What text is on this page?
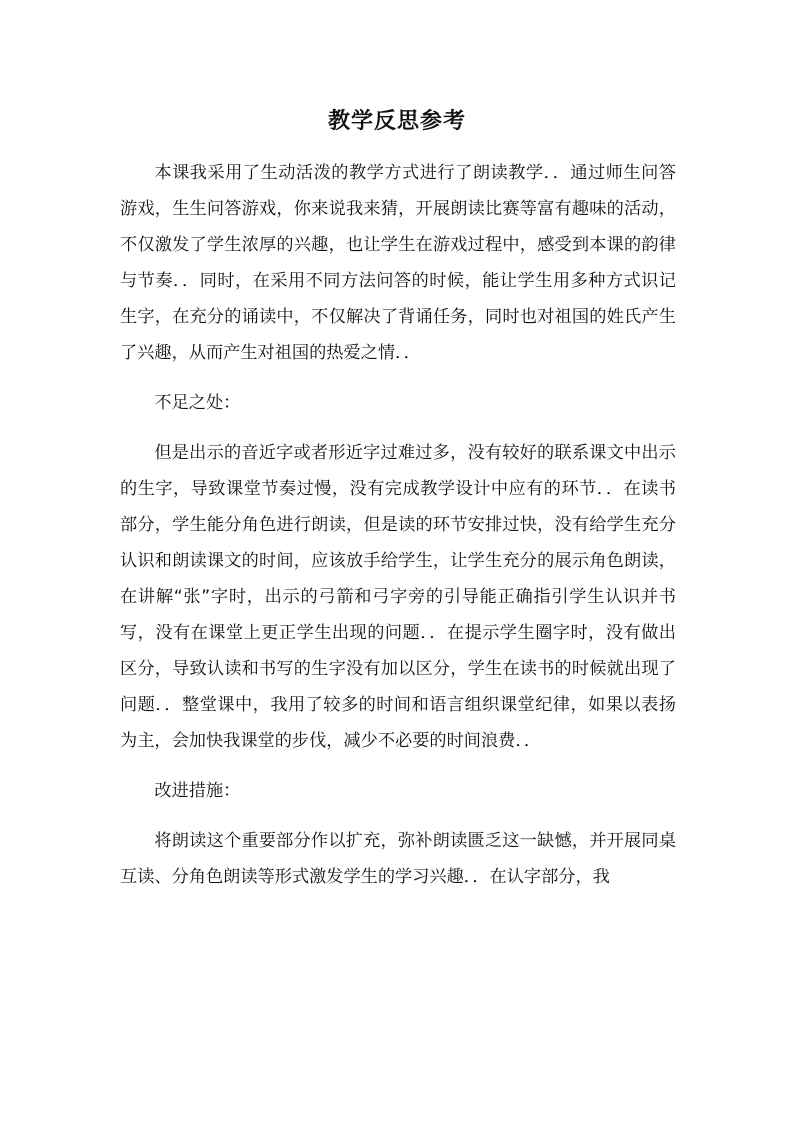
教学反思参考

本课我采用了生动活泼的教学方式进行了朗读教学．．通过师生问答游戏，生生问答游戏，你来说我来猜，开展朗读比赛等富有趣味的活动，不仅激发了学生浓厚的兴趣，也让学生在游戏过程中，感受到本课的韵律与节奏．．同时，在采用不同方法问答的时候，能让学生用多种方式识记生字，在充分的诵读中，不仅解决了背诵任务，同时也对祖国的姓氏产生了兴趣，从而产生对祖国的热爱之情．．

不足之处：

但是出示的音近字或者形近字过难过多，没有较好的联系课文中出示的生字，导致课堂节奏过慢，没有完成教学设计中应有的环节．．在读书部分，学生能分角色进行朗读，但是读的环节安排过快，没有给学生充分认识和朗读课文的时间，应该放手给学生，让学生充分的展示角色朗读，在讲解“张”字时，出示的弓箭和弓字旁的引导能正确指引学生认识并书写，没有在课堂上更正学生出现的问题．．在提示学生圈字时，没有做出区分，导致认读和书写的生字没有加以区分，学生在读书的时候就出现了问题．．整堂课中，我用了较多的时间和语言组织课堂纪律，如果以表扬为主，会加快我课堂的步伐，减少不必要的时间浪费．．

改进措施：

将朗读这个重要部分作以扩充，弥补朗读匮乏这一缺憾，并开展同桌互读、分角色朗读等形式激发学生的学习兴趣．．在认字部分，我
